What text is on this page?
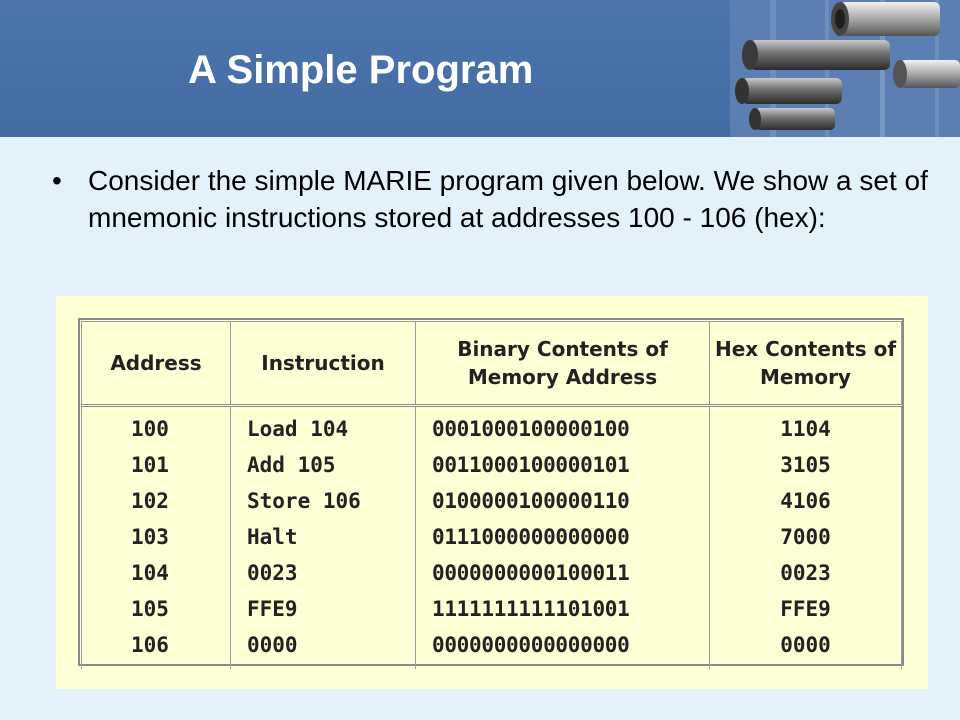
A Simple Program
• Consider the simple MARIE program given below. We show a set of mnemonic instructions stored at addresses 100 - 106 (hex):
Address	Instruction	Binary Contents of Memory Address	Hex Contents of Memory
100	Load 104	0001000100000100	1104
101	Add 105	0011000100000101	3105
102	Store 106	0100000100000110	4106
103	Halt	0111000000000000	7000
104	0023	0000000000100011	0023
105	FFE9	1111111111101001	FFE9
106	0000	0000000000000000	0000
